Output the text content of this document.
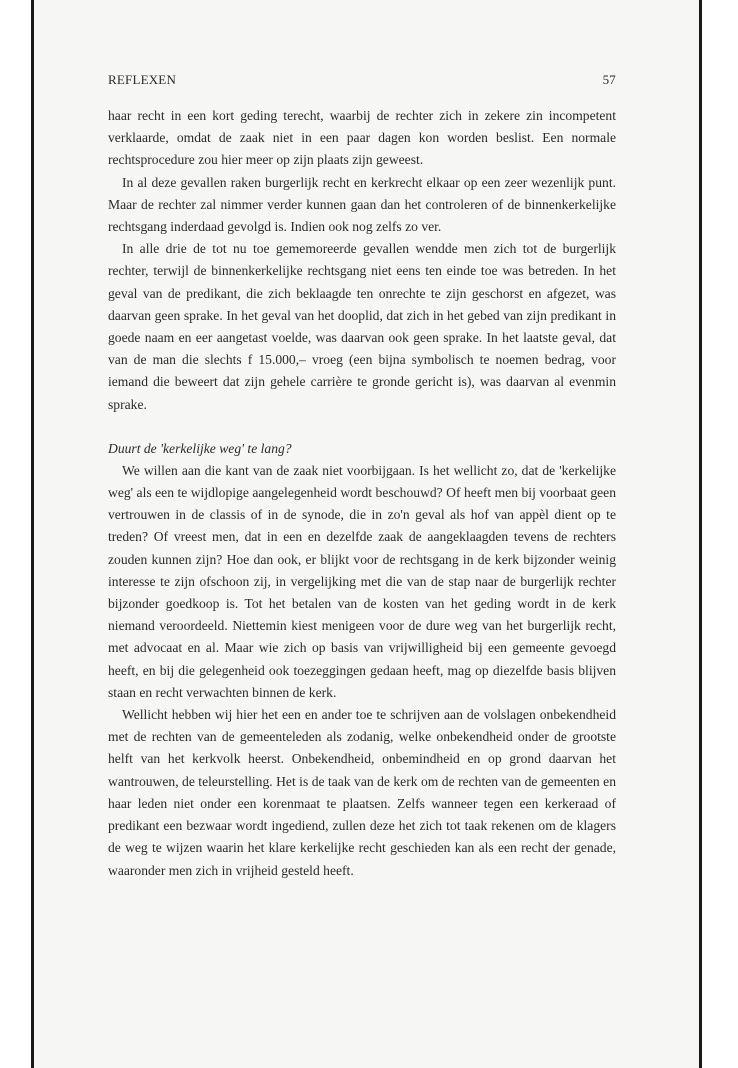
REFLEXEN	57

haar recht in een kort geding terecht, waarbij de rechter zich in zekere zin incompetent verklaarde, omdat de zaak niet in een paar dagen kon worden beslist. Een normale rechtsprocedure zou hier meer op zijn plaats zijn geweest.

In al deze gevallen raken burgerlijk recht en kerkrecht elkaar op een zeer wezenlijk punt. Maar de rechter zal nimmer verder kunnen gaan dan het controleren of de binnenkerkelijke rechtsgang inderdaad gevolgd is. Indien ook nog zelfs zo ver.

In alle drie de tot nu toe gememoreerde gevallen wendde men zich tot de burgerlijk rechter, terwijl de binnenkerkelijke rechtsgang niet eens ten einde toe was betreden. In het geval van de predikant, die zich beklaagde ten onrechte te zijn geschorst en afgezet, was daarvan geen sprake. In het geval van het dooplid, dat zich in het gebed van zijn predikant in goede naam en eer aangetast voelde, was daarvan ook geen sprake. In het laatste geval, dat van de man die slechts f 15.000,– vroeg (een bijna symbolisch te noemen bedrag, voor iemand die beweert dat zijn gehele carrière te gronde gericht is), was daarvan al evenmin sprake.

Duurt de 'kerkelijke weg' te lang?

We willen aan die kant van de zaak niet voorbijgaan. Is het wellicht zo, dat de 'kerkelijke weg' als een te wijdlopige aangelegenheid wordt beschouwd? Of heeft men bij voorbaat geen vertrouwen in de classis of in de synode, die in zo'n geval als hof van appèl dient op te treden? Of vreest men, dat in een en dezelfde zaak de aangeklaagden tevens de rechters zouden kunnen zijn? Hoe dan ook, er blijkt voor de rechtsgang in de kerk bijzonder weinig interesse te zijn ofschoon zij, in vergelijking met die van de stap naar de burgerlijk rechter bijzonder goedkoop is. Tot het betalen van de kosten van het geding wordt in de kerk niemand veroordeeld. Niettemin kiest menigeen voor de dure weg van het burgerlijk recht, met advocaat en al. Maar wie zich op basis van vrijwilligheid bij een gemeente gevoegd heeft, en bij die gelegenheid ook toezeggingen gedaan heeft, mag op diezelfde basis blijven staan en recht verwachten binnen de kerk.

Wellicht hebben wij hier het een en ander toe te schrijven aan de volslagen onbekendheid met de rechten van de gemeenteleden als zodanig, welke onbekendheid onder de grootste helft van het kerkvolk heerst. Onbekendheid, onbemindheid en op grond daarvan het wantrouwen, de teleurstelling. Het is de taak van de kerk om de rechten van de gemeenten en haar leden niet onder een korenmaat te plaatsen. Zelfs wanneer tegen een kerkeraad of predikant een bezwaar wordt ingediend, zullen deze het zich tot taak rekenen om de klagers de weg te wijzen waarin het klare kerkelijke recht geschieden kan als een recht der genade, waaronder men zich in vrijheid gesteld heeft.
